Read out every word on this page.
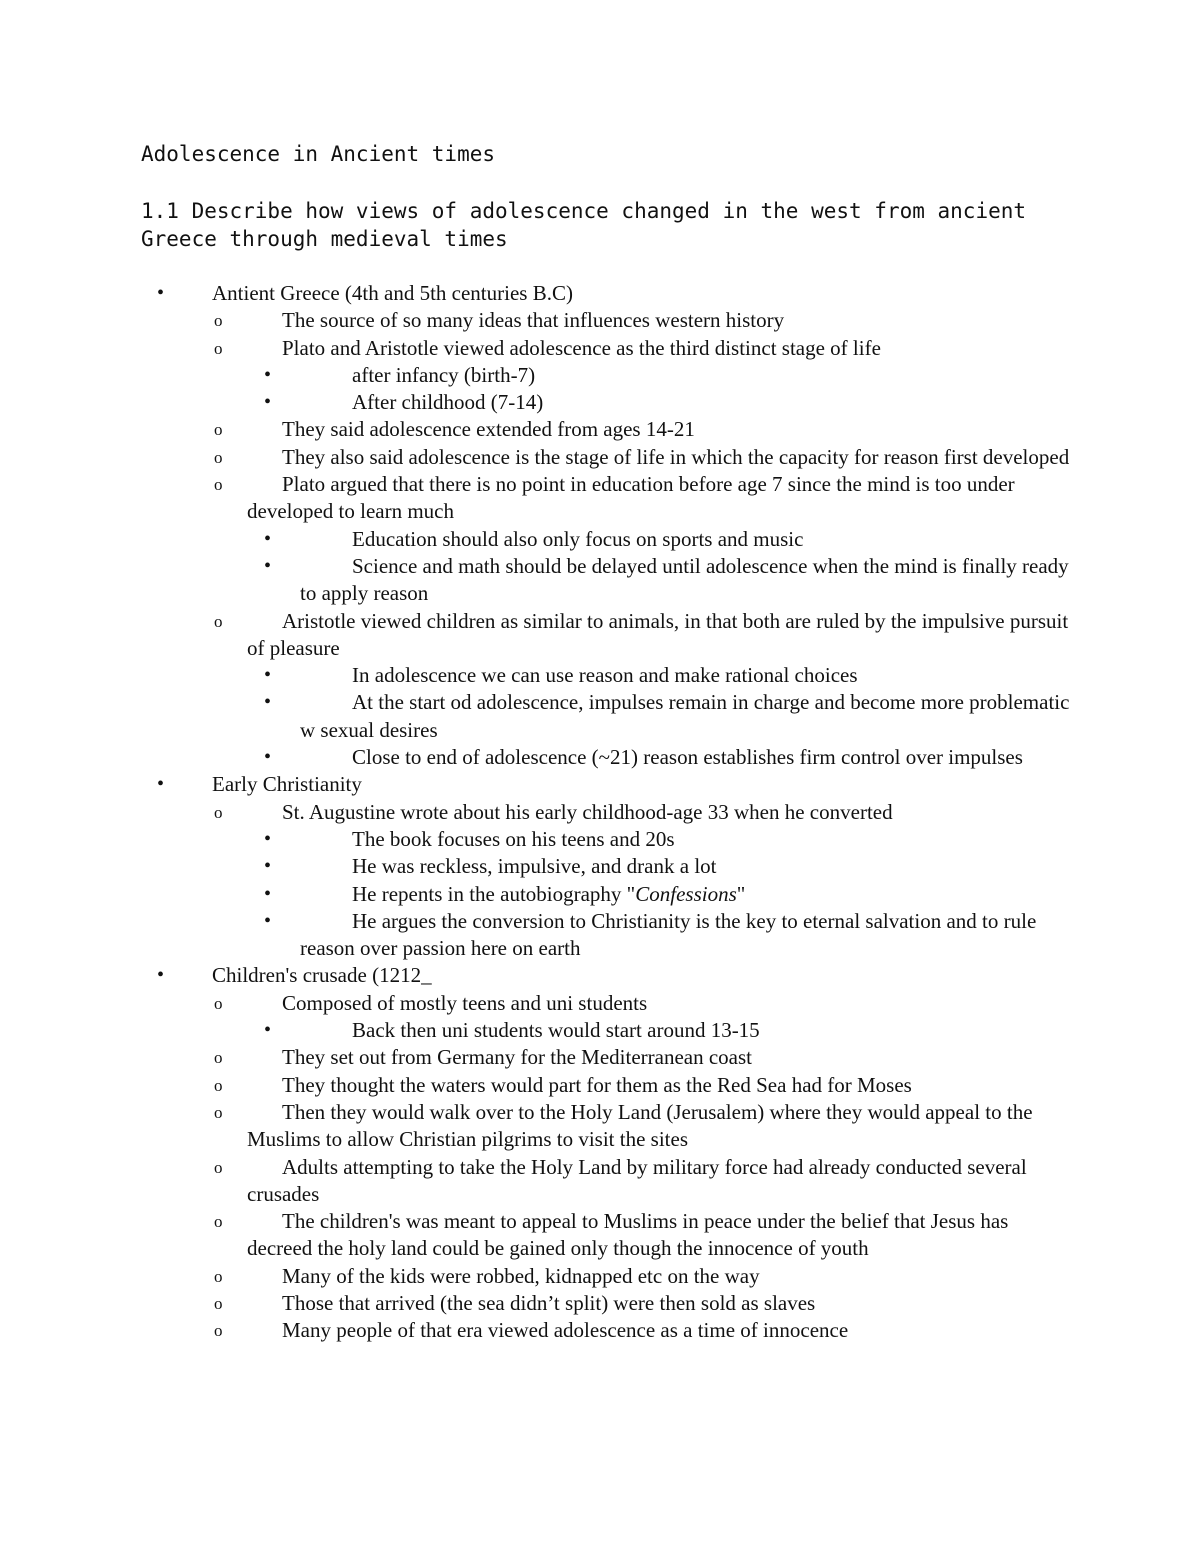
Adolescence in Ancient times
1.1 Describe how views of adolescence changed in the west from ancient Greece through medieval times
• Antient Greece (4th and 5th centuries B.C)
o	The source of so many ideas that influences western history
o	Plato and Aristotle viewed adolescence as the third distinct stage of life
•	after infancy (birth-7)
•	After childhood (7-14)
o	They said adolescence extended from ages 14-21
o	They also said adolescence is the stage of life in which the capacity for reason first developed
o	Plato argued that there is no point in education before age 7 since the mind is too under developed to learn much
•	Education should also only focus on sports and music
•	Science and math should be delayed until adolescence when the mind is finally ready to apply reason
o	Aristotle viewed children as similar to animals, in that both are ruled by the impulsive pursuit of pleasure
•	In adolescence we can use reason and make rational choices
•	At the start od adolescence, impulses remain in charge and become more problematic w sexual desires
•	Close to end of adolescence (~21) reason establishes firm control over impulses
• Early Christianity
o	St. Augustine wrote about his early childhood-age 33 when he converted
•	The book focuses on his teens and 20s
•	He was reckless, impulsive, and drank a lot
•	He repents in the autobiography "Confessions"
•	He argues the conversion to Christianity is the key to eternal salvation and to rule reason over passion here on earth
• Children's crusade (1212_
o	Composed of mostly teens and uni students
•	Back then uni students would start around 13-15
o	They set out from Germany for the Mediterranean coast
o	They thought the waters would part for them as the Red Sea had for Moses
o	Then they would walk over to the Holy Land (Jerusalem) where they would appeal to the Muslims to allow Christian pilgrims to visit the sites
o	Adults attempting to take the Holy Land by military force had already conducted several crusades
o	The children's was meant to appeal to Muslims in peace under the belief that Jesus has decreed the holy land could be gained only though the innocence of youth
o	Many of the kids were robbed, kidnapped etc on the way
o	Those that arrived (the sea didn’t split) were then sold as slaves
o	Many people of that era viewed adolescence as a time of innocence
